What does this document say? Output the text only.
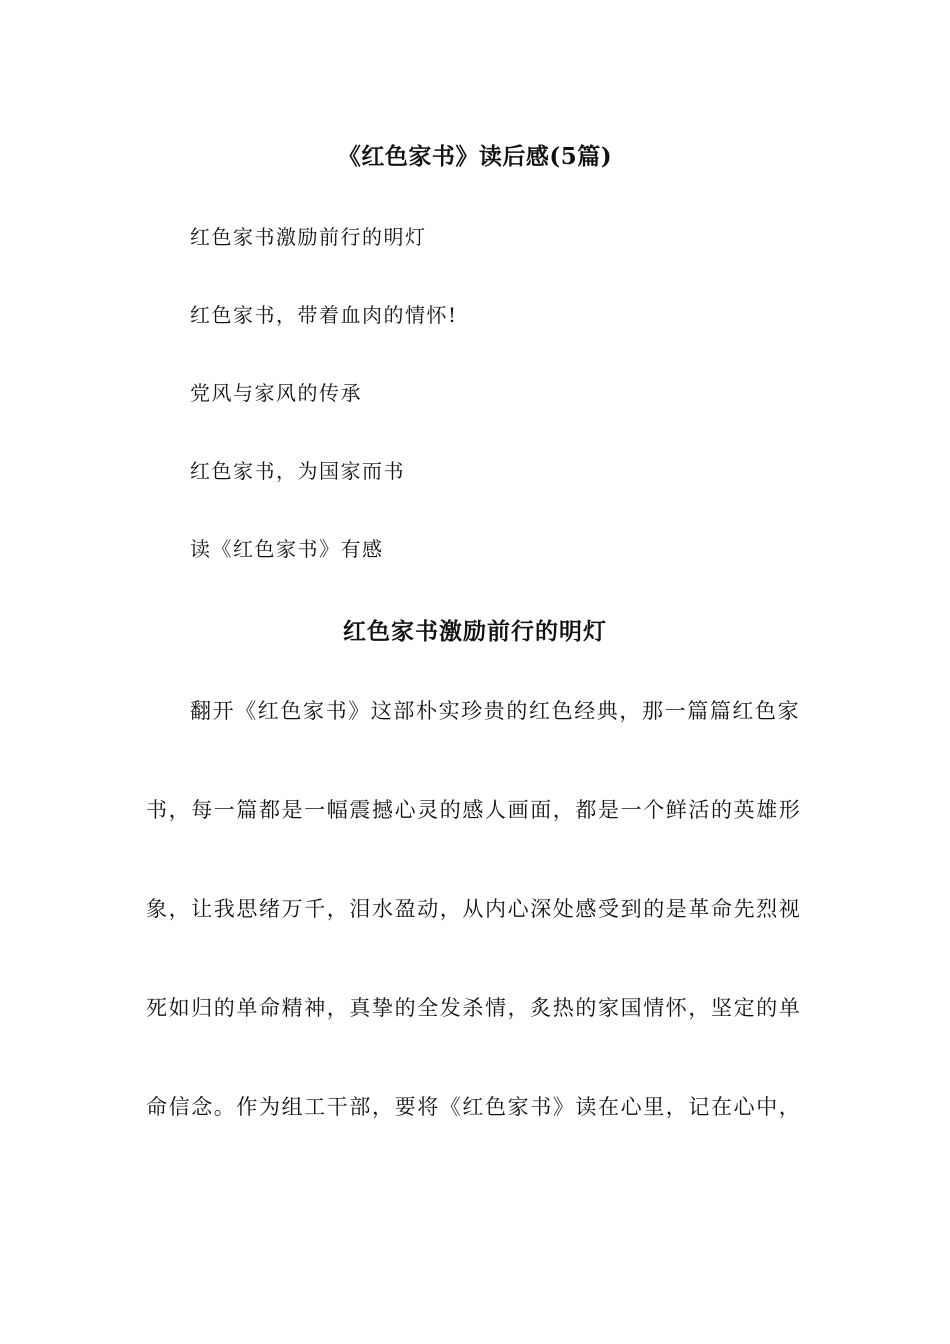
《红色家书》读后感(5篇)
红色家书激励前行的明灯
红色家书，带着血肉的情怀!
党风与家风的传承
红色家书，为国家而书
读《红色家书》有感
红色家书激励前行的明灯
翻开《红色家书》这部朴实珍贵的红色经典，那一篇篇红色家
书，每一篇都是一幅震撼心灵的感人画面，都是一个鲜活的英雄形
象，让我思绪万千，泪水盈动，从内心深处感受到的是革命先烈视
死如归的单命精神，真挚的全发杀情，炙热的家国情怀，坚定的单
命信念。作为组工干部，要将《红色家书》读在心里，记在心中，
